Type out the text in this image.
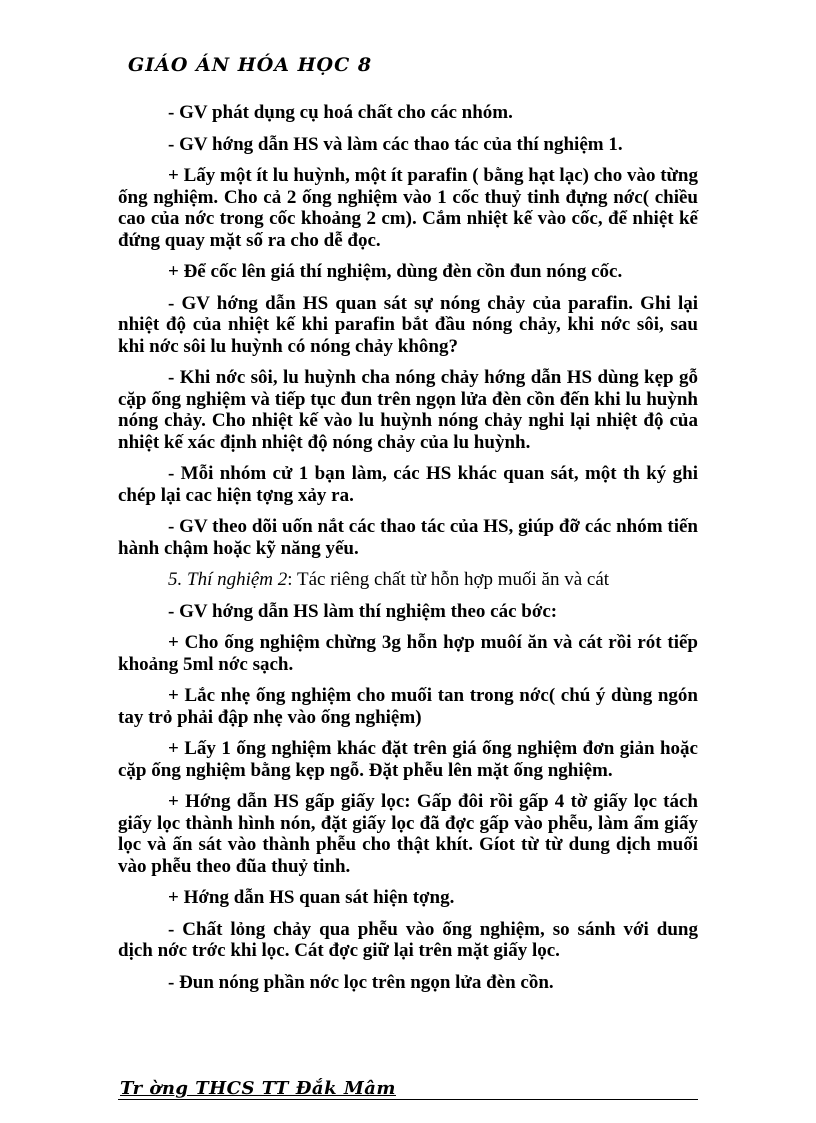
GIÁO ÁN HÓA HỌC 8

- GV phát dụng cụ hoá chất cho các nhóm.

- GV hớng dẫn HS và làm các thao tác của thí nghiệm 1.

+ Lấy một ít lu huỳnh, một ít parafin ( bằng hạt lạc) cho vào từng ống nghiệm. Cho cả 2 ống nghiệm vào 1 cốc thuỷ tinh đựng nớc( chiều cao của nớc trong cốc khoảng 2 cm). Cắm nhiệt kế vào cốc, để nhiệt kế đứng quay mặt số ra cho dễ đọc.

+ Để cốc lên giá thí nghiệm, dùng đèn cồn đun nóng cốc.

- GV hớng dẫn HS quan sát sự nóng chảy của parafin. Ghi lại nhiệt độ của nhiệt kế khi parafin bắt đầu nóng chảy, khi nớc sôi, sau khi nớc sôi lu huỳnh có nóng chảy không?

- Khi nớc sôi, lu huỳnh cha nóng chảy hớng dẫn HS dùng kẹp gỗ cặp ống nghiệm và tiếp tục đun trên ngọn lửa đèn cồn đến khi lu huỳnh nóng chảy. Cho nhiệt kế vào lu huỳnh nóng chảy nghi lại nhiệt độ của nhiệt kế xác định nhiệt độ nóng chảy của lu huỳnh.

- Mỗi nhóm cử 1 bạn làm, các HS khác quan sát, một th ký ghi chép lại cac hiện tợng xảy ra.

- GV theo dõi uốn nắt các thao tác của HS, giúp đỡ các nhóm tiến hành chậm hoặc kỹ năng yếu.

5. Thí nghiệm 2: Tác riêng chất từ hỗn hợp muối ăn và cát

- GV hớng dẫn HS làm thí nghiệm theo các bớc:

+ Cho ống nghiệm chừng 3g hỗn hợp muôí ăn và cát rồi rót tiếp khoảng 5ml nớc sạch.

+ Lắc nhẹ ống nghiệm cho muối tan trong nớc( chú ý dùng ngón tay trỏ phải đập nhẹ vào ống nghiệm)

+ Lấy 1 ống nghiệm khác đặt trên giá ống nghiệm đơn giản hoặc cặp ống nghiệm bằng kẹp ngỗ. Đặt phễu lên mặt ống nghiệm.

+ Hớng dẫn HS gấp giấy lọc: Gấp đôi rồi gấp 4 tờ giấy lọc tách giấy lọc thành hình nón, đặt giấy lọc đã đợc gấp vào phễu, làm ẩm giấy lọc và ấn sát vào thành phễu cho thật khít. Gíot từ từ dung dịch muối vào phễu theo đũa thuỷ tinh.

+ Hớng dẫn HS quan sát hiện tợng.

- Chất lỏng chảy qua phễu vào ống nghiệm, so sánh với dung dịch nớc trớc khi lọc. Cát đợc giữ lại trên mặt giấy lọc.

- Đun nóng phần nớc lọc trên ngọn lửa đèn cồn.

Tr ờng THCS TT Đắk Mâm
